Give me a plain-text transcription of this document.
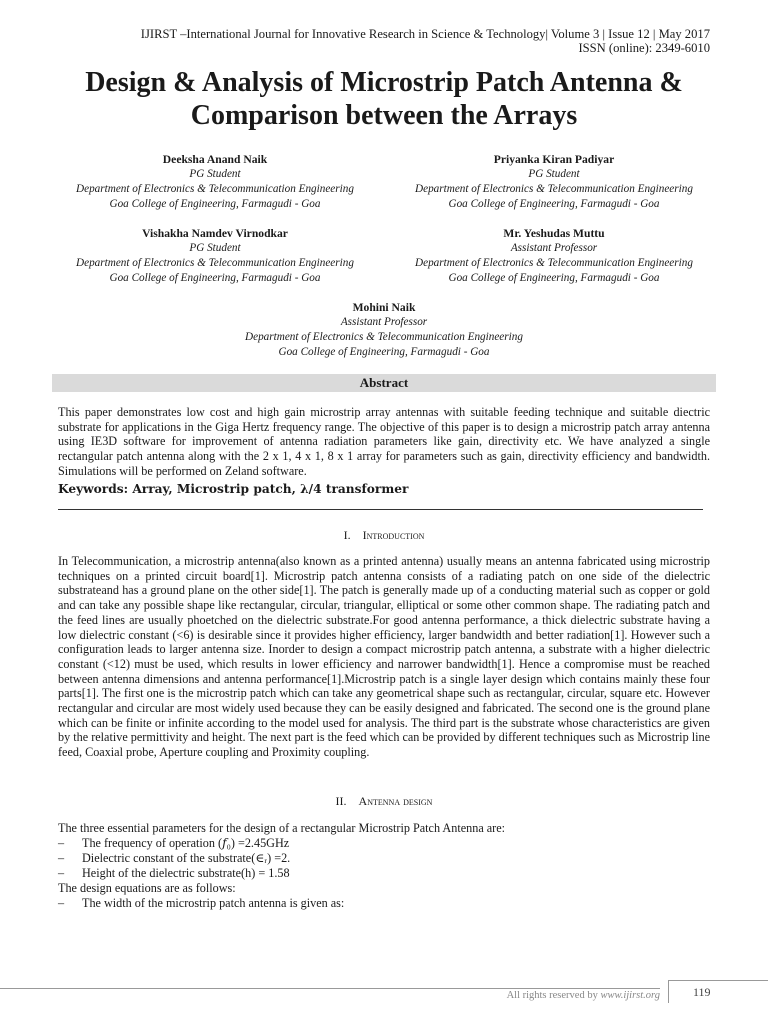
IJIRST –International Journal for Innovative Research in Science & Technology| Volume 3 | Issue 12 | May 2017
ISSN (online): 2349-6010
Design & Analysis of Microstrip Patch Antenna &
Comparison between the Arrays
Deeksha Anand Naik
PG Student
Department of Electronics & Telecommunication Engineering
Goa College of Engineering, Farmagudi - Goa
Priyanka Kiran Padiyar
PG Student
Department of Electronics & Telecommunication Engineering
Goa College of Engineering, Farmagudi - Goa
Vishakha Namdev Virnodkar
PG Student
Department of Electronics & Telecommunication Engineering
Goa College of Engineering, Farmagudi - Goa
Mr. Yeshudas Muttu
Assistant Professor
Department of Electronics & Telecommunication Engineering
Goa College of Engineering, Farmagudi - Goa
Mohini Naik
Assistant Professor
Department of Electronics & Telecommunication Engineering
Goa College of Engineering, Farmagudi - Goa
Abstract
This paper demonstrates low cost and high gain microstrip array antennas with suitable feeding technique and suitable diectric substrate for applications in the Giga Hertz frequency range. The objective of this paper is to design a microstrip patch array antenna using IE3D software for improvement of antenna radiation parameters like gain, directivity etc. We have analyzed a single rectangular patch antenna along with the 2 x 1, 4 x 1, 8 x 1 array for parameters such as gain, directivity efficiency and bandwidth. Simulations will be performed on Zeland software.
Keywords: Array, Microstrip patch, λ/4 transformer
I. Introduction
In Telecommunication, a microstrip antenna(also known as a printed antenna) usually means an antenna fabricated using microstrip techniques on a printed circuit board[1]. Microstrip patch antenna consists of a radiating patch on one side of the dielectric substrateand has a ground plane on the other side[1]. The patch is generally made up of a conducting material such as copper or gold and can take any possible shape like rectangular, circular, triangular, elliptical or some other common shape. The radiating patch and the feed lines are usually phoetched on the dielectric substrate.For good antenna performance, a thick dielectric substrate having a low dielectric constant (<6) is desirable since it provides higher efficiency, larger bandwidth and better radiation[1]. However such a configuration leads to larger antenna size. Inorder to design a compact microstrip patch antenna, a substrate with a higher dielectric constant (<12) must be used, which results in lower efficiency and narrower bandwidth[1]. Hence a compromise must be reached between antenna dimensions and antenna performance[1].Microstrip patch is a single layer design which contains mainly these four parts[1]. The first one is the microstrip patch which can take any geometrical shape such as rectangular, circular, square etc. However rectangular and circular are most widely used because they can be easily designed and fabricated. The second one is the ground plane which can be finite or infinite according to the model used for analysis. The third part is the substrate whose characteristics are given by the relative permittivity and height. The next part is the feed which can be provided by different techniques such as Microstrip line feed, Coaxial probe, Aperture coupling and Proximity coupling.
II. Antenna design
The three essential parameters for the design of a rectangular Microstrip Patch Antenna are:
– The frequency of operation (𝑓₀) =2.45GHz
– Dielectric constant of the substrate(∈ᵣ) =2.
– Height of the dielectric substrate(h) = 1.58
The design equations are as follows:
– The width of the microstrip patch antenna is given as:
All rights reserved by www.ijirst.org	119
